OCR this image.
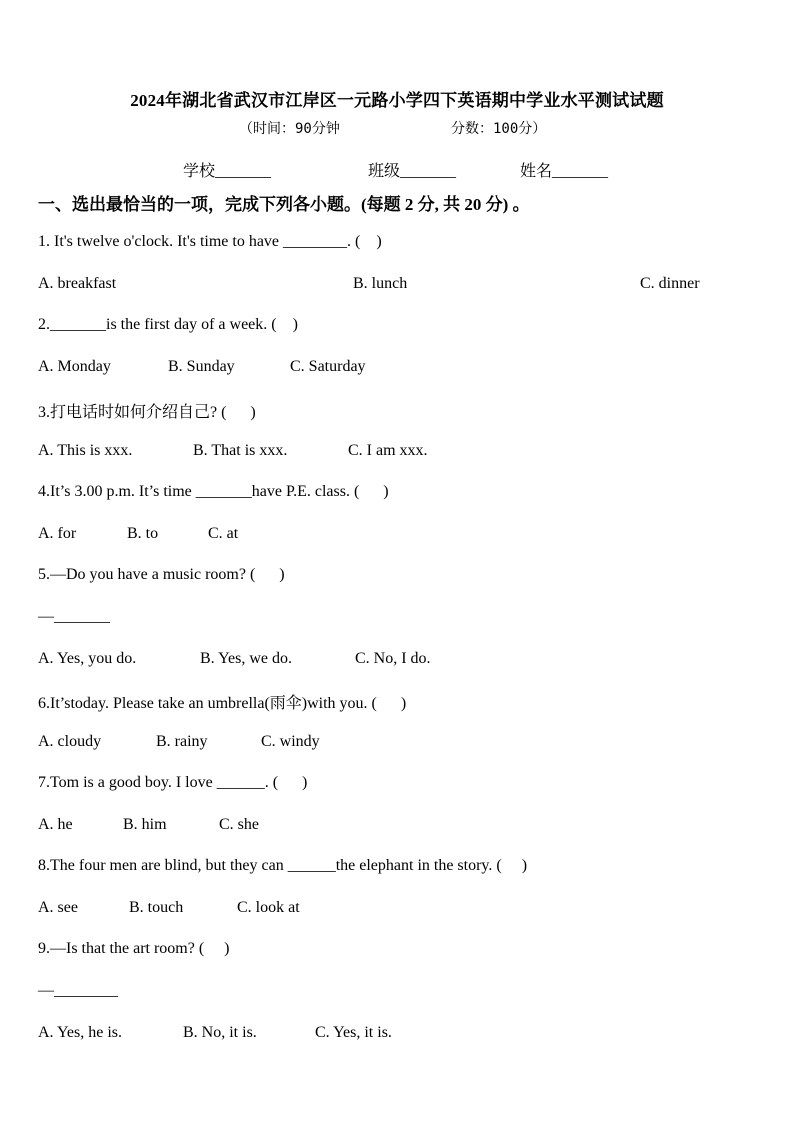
2024年湖北省武汉市江岸区一元路小学四下英语期中学业水平测试试题
（时间：90分钟	分数：100分）
学校_______	班级_______	姓名_______
一、选出最恰当的一项，完成下列各小题。(每题 2 分, 共 20 分) 。
1. It's twelve o'clock. It's time to have ________. (    )
A. breakfast	B. lunch	C. dinner
2._______is the first day of a week. (    )
A. Monday	B. Sunday	C. Saturday
3.打电话时如何介绍自己? (      )
A. This is xxx.	B. That is xxx.	C. I am xxx.
4.It’s 3.00 p.m. It’s time _______have P.E. class. (      )
A. for	B. to	C. at
5.—Do you have a music room? (      )
—_______
A. Yes, you do.	B. Yes, we do.	C. No, I do.
6.It’stoday. Please take an umbrella(雨伞)with you. (      )
A. cloudy	B. rainy	C. windy
7.Tom is a good boy. I love ______. (      )
A. he	B. him	C. she
8.The four men are blind, but they can ______the elephant in the story. (     )
A. see	B. touch	C. look at
9.—Is that the art room? (     )
—________
A. Yes, he is.	B. No, it is.	C. Yes, it is.
